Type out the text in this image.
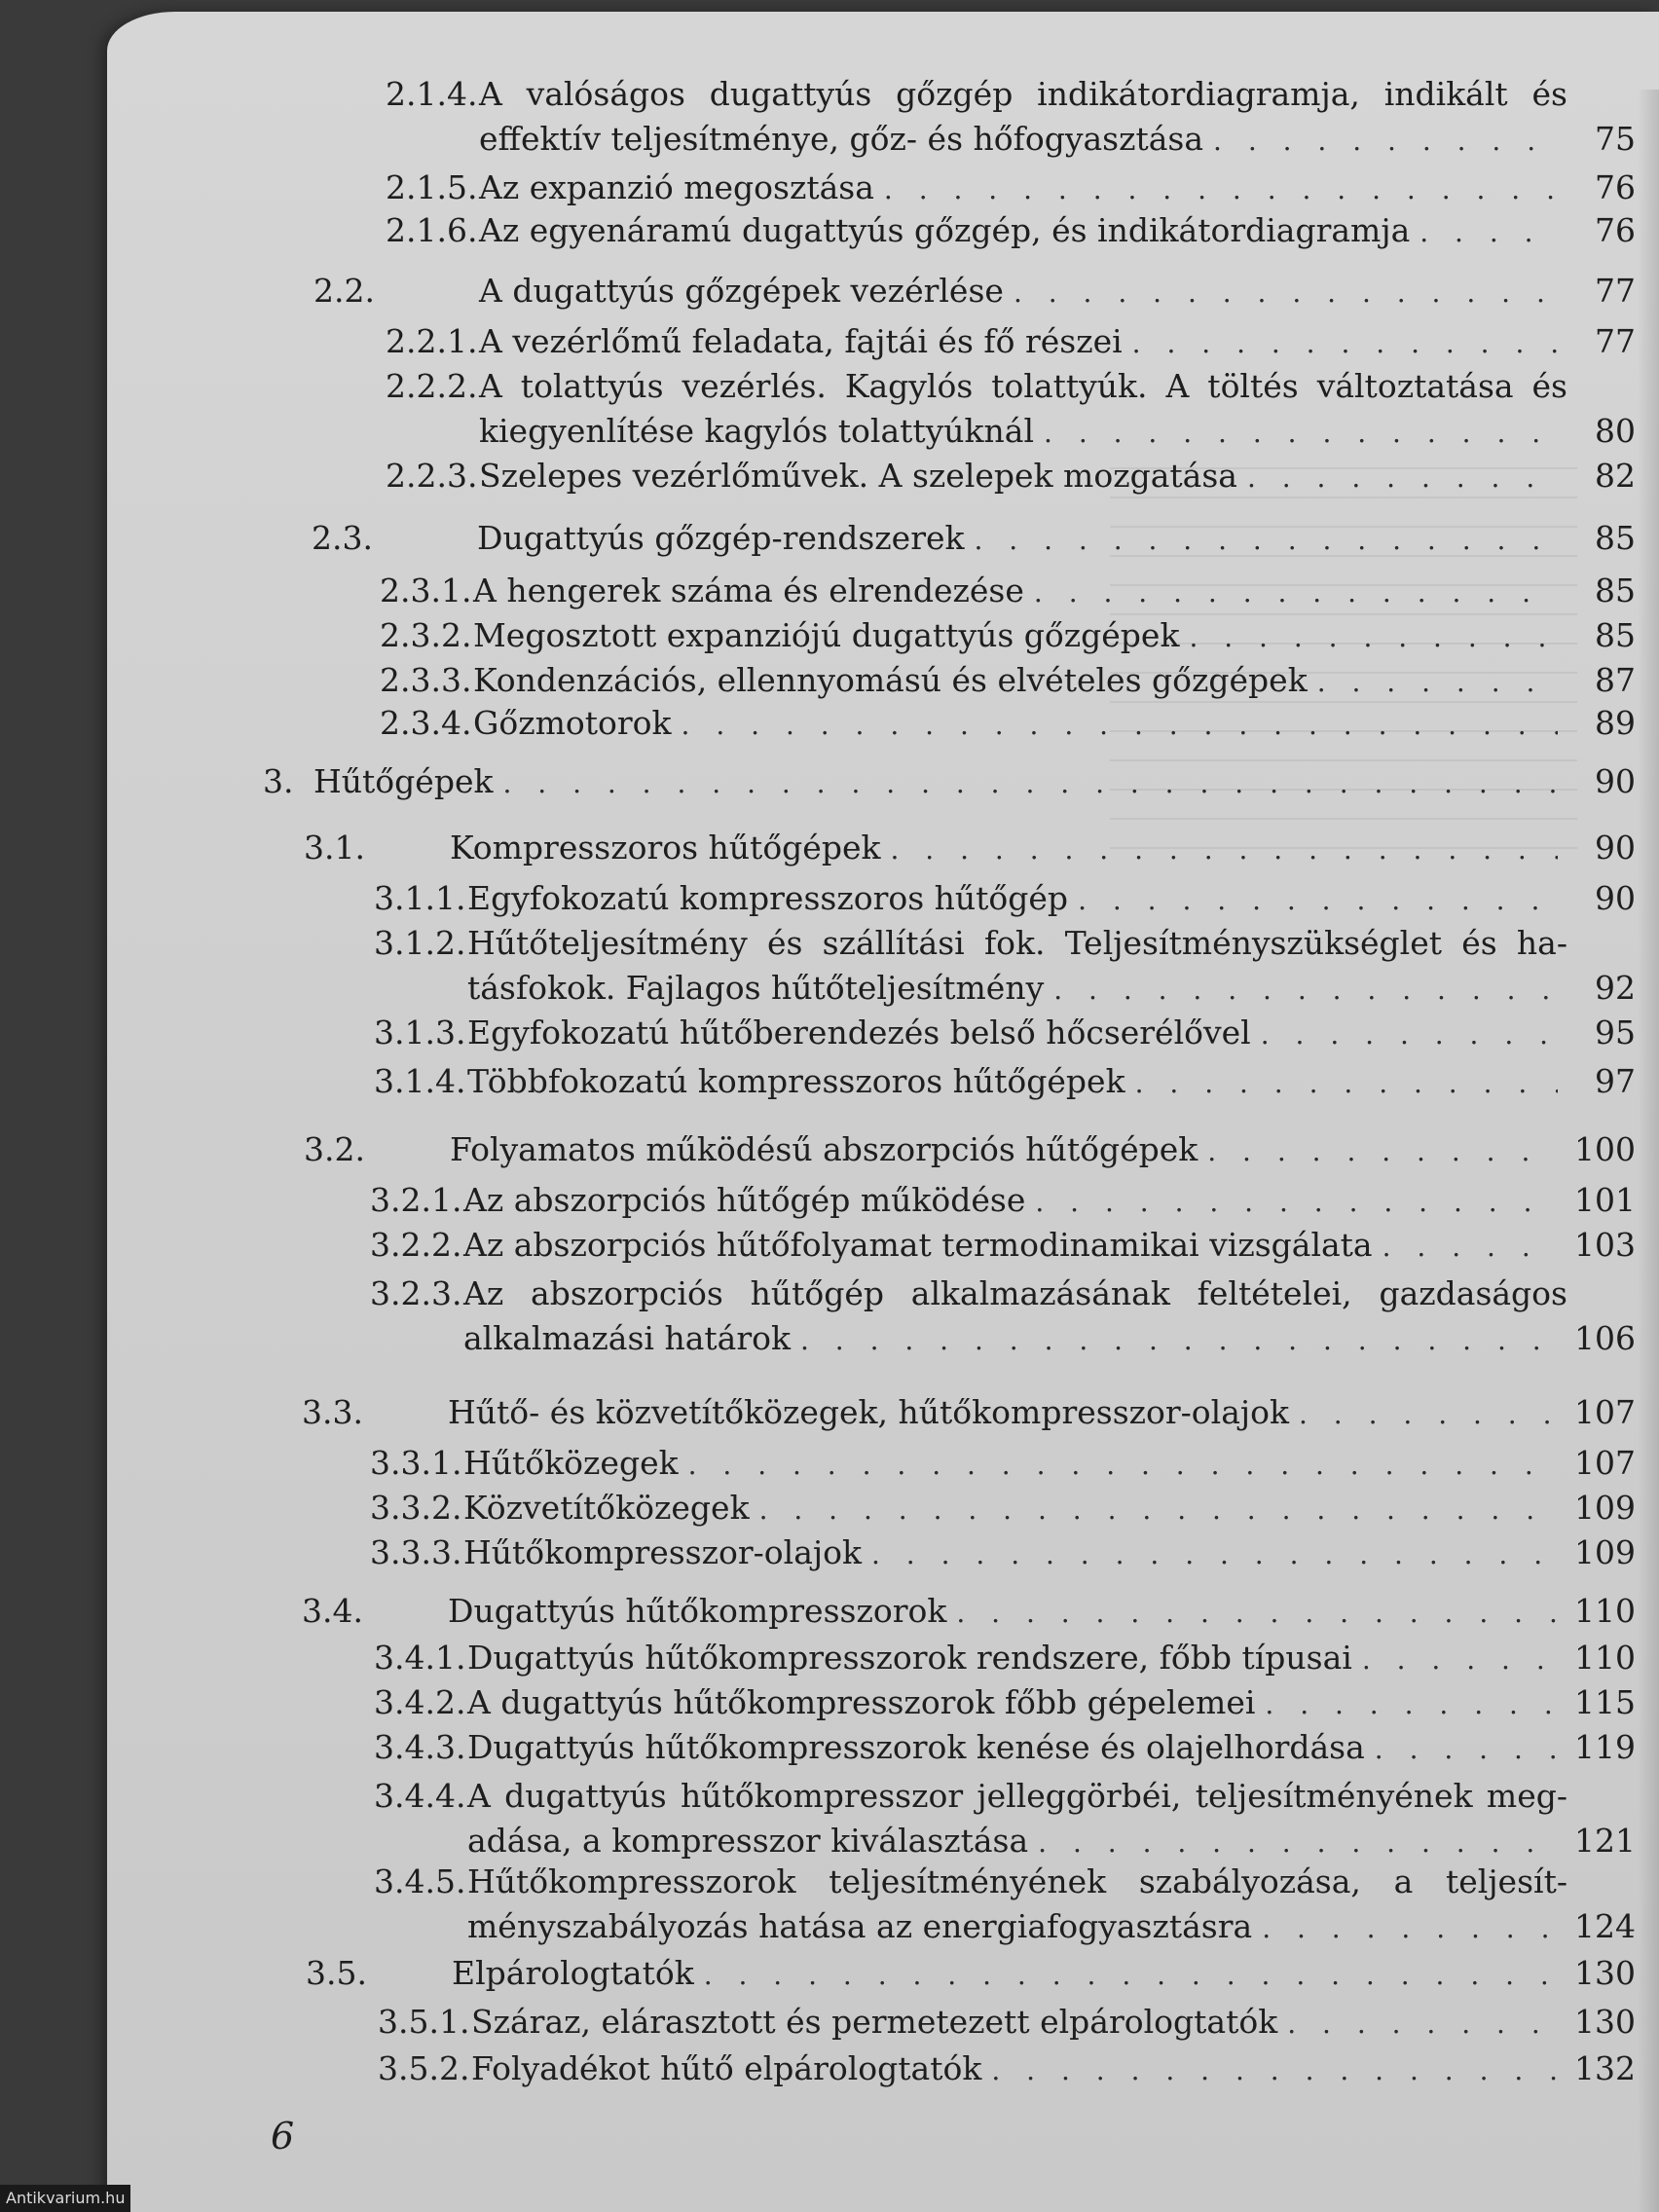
2.1.4. A valóságos dugattyús gőzgép indikátordiagramja, indikált és
effektív teljesítménye, gőz- és hőfogyasztása . . .	75
2.1.5. Az expanzió megosztása . . .	76
2.1.6. Az egyenáramú dugattyús gőzgép, és indikátordiagramja . . .	76
2.2.	A dugattyús gőzgépek vezérlése . . .	77
2.2.1. A vezérlőmű feladata, fajtái és fő részei . . .	77
2.2.2. A tolattyús vezérlés. Kagylós tolattyúk. A töltés változtatása és
kiegyenlítése kagylós tolattyúknál . . .	80
2.2.3. Szelepes vezérlőművek. A szelepek mozgatása . . .	82
2.3.	Dugattyús gőzgép-rendszerek . . .	85
2.3.1. A hengerek száma és elrendezése . . .	85
2.3.2. Megosztott expanziójú dugattyús gőzgépek . . .	85
2.3.3. Kondenzációs, ellennyomású és elvételes gőzgépek . . .	87
2.3.4. Gőzmotorok . . .	89
3. Hűtőgépek . . .	90
3.1.	Kompresszoros hűtőgépek . . .	90
3.1.1. Egyfokozatú kompresszoros hűtőgép . . .	90
3.1.2. Hűtőteljesítmény és szállítási fok. Teljesítményszükséglet és ha-
tásfokok. Fajlagos hűtőteljesítmény . . .	92
3.1.3. Egyfokozatú hűtőberendezés belső hőcserélővel . . .	95
3.1.4. Többfokozatú kompresszoros hűtőgépek . . .	97
3.2.	Folyamatos működésű abszorpciós hűtőgépek . . .	100
3.2.1. Az abszorpciós hűtőgép működése . . .	101
3.2.2. Az abszorpciós hűtőfolyamat termodinamikai vizsgálata . . .	103
3.2.3. Az abszorpciós hűtőgép alkalmazásának feltételei, gazdaságos
alkalmazási határok . . .	106
3.3.	Hűtő- és közvetítőközegek, hűtőkompresszor-olajok . . .	107
3.3.1. Hűtőközegek . . .	107
3.3.2. Közvetítőközegek . . .	109
3.3.3. Hűtőkompresszor-olajok . . .	109
3.4.	Dugattyús hűtőkompresszorok . . .	110
3.4.1. Dugattyús hűtőkompresszorok rendszere, főbb típusai . . .	110
3.4.2. A dugattyús hűtőkompresszorok főbb gépelemei . . .	115
3.4.3. Dugattyús hűtőkompresszorok kenése és olajelhordása . . .	119
3.4.4. A dugattyús hűtőkompresszor jelleggörbéi, teljesítményének meg-
adása, a kompresszor kiválasztása . . .	121
3.4.5. Hűtőkompresszorok teljesítményének szabályozása, a teljesít-
ményszabályozás hatása az energiafogyasztásra . . .	124
3.5.	Elpárologtatók . . .	130
3.5.1. Száraz, elárasztott és permetezett elpárologtatók . . .	130
3.5.2. Folyadékot hűtő elpárologtatók . . .	132
6
Antikvarium.hu
